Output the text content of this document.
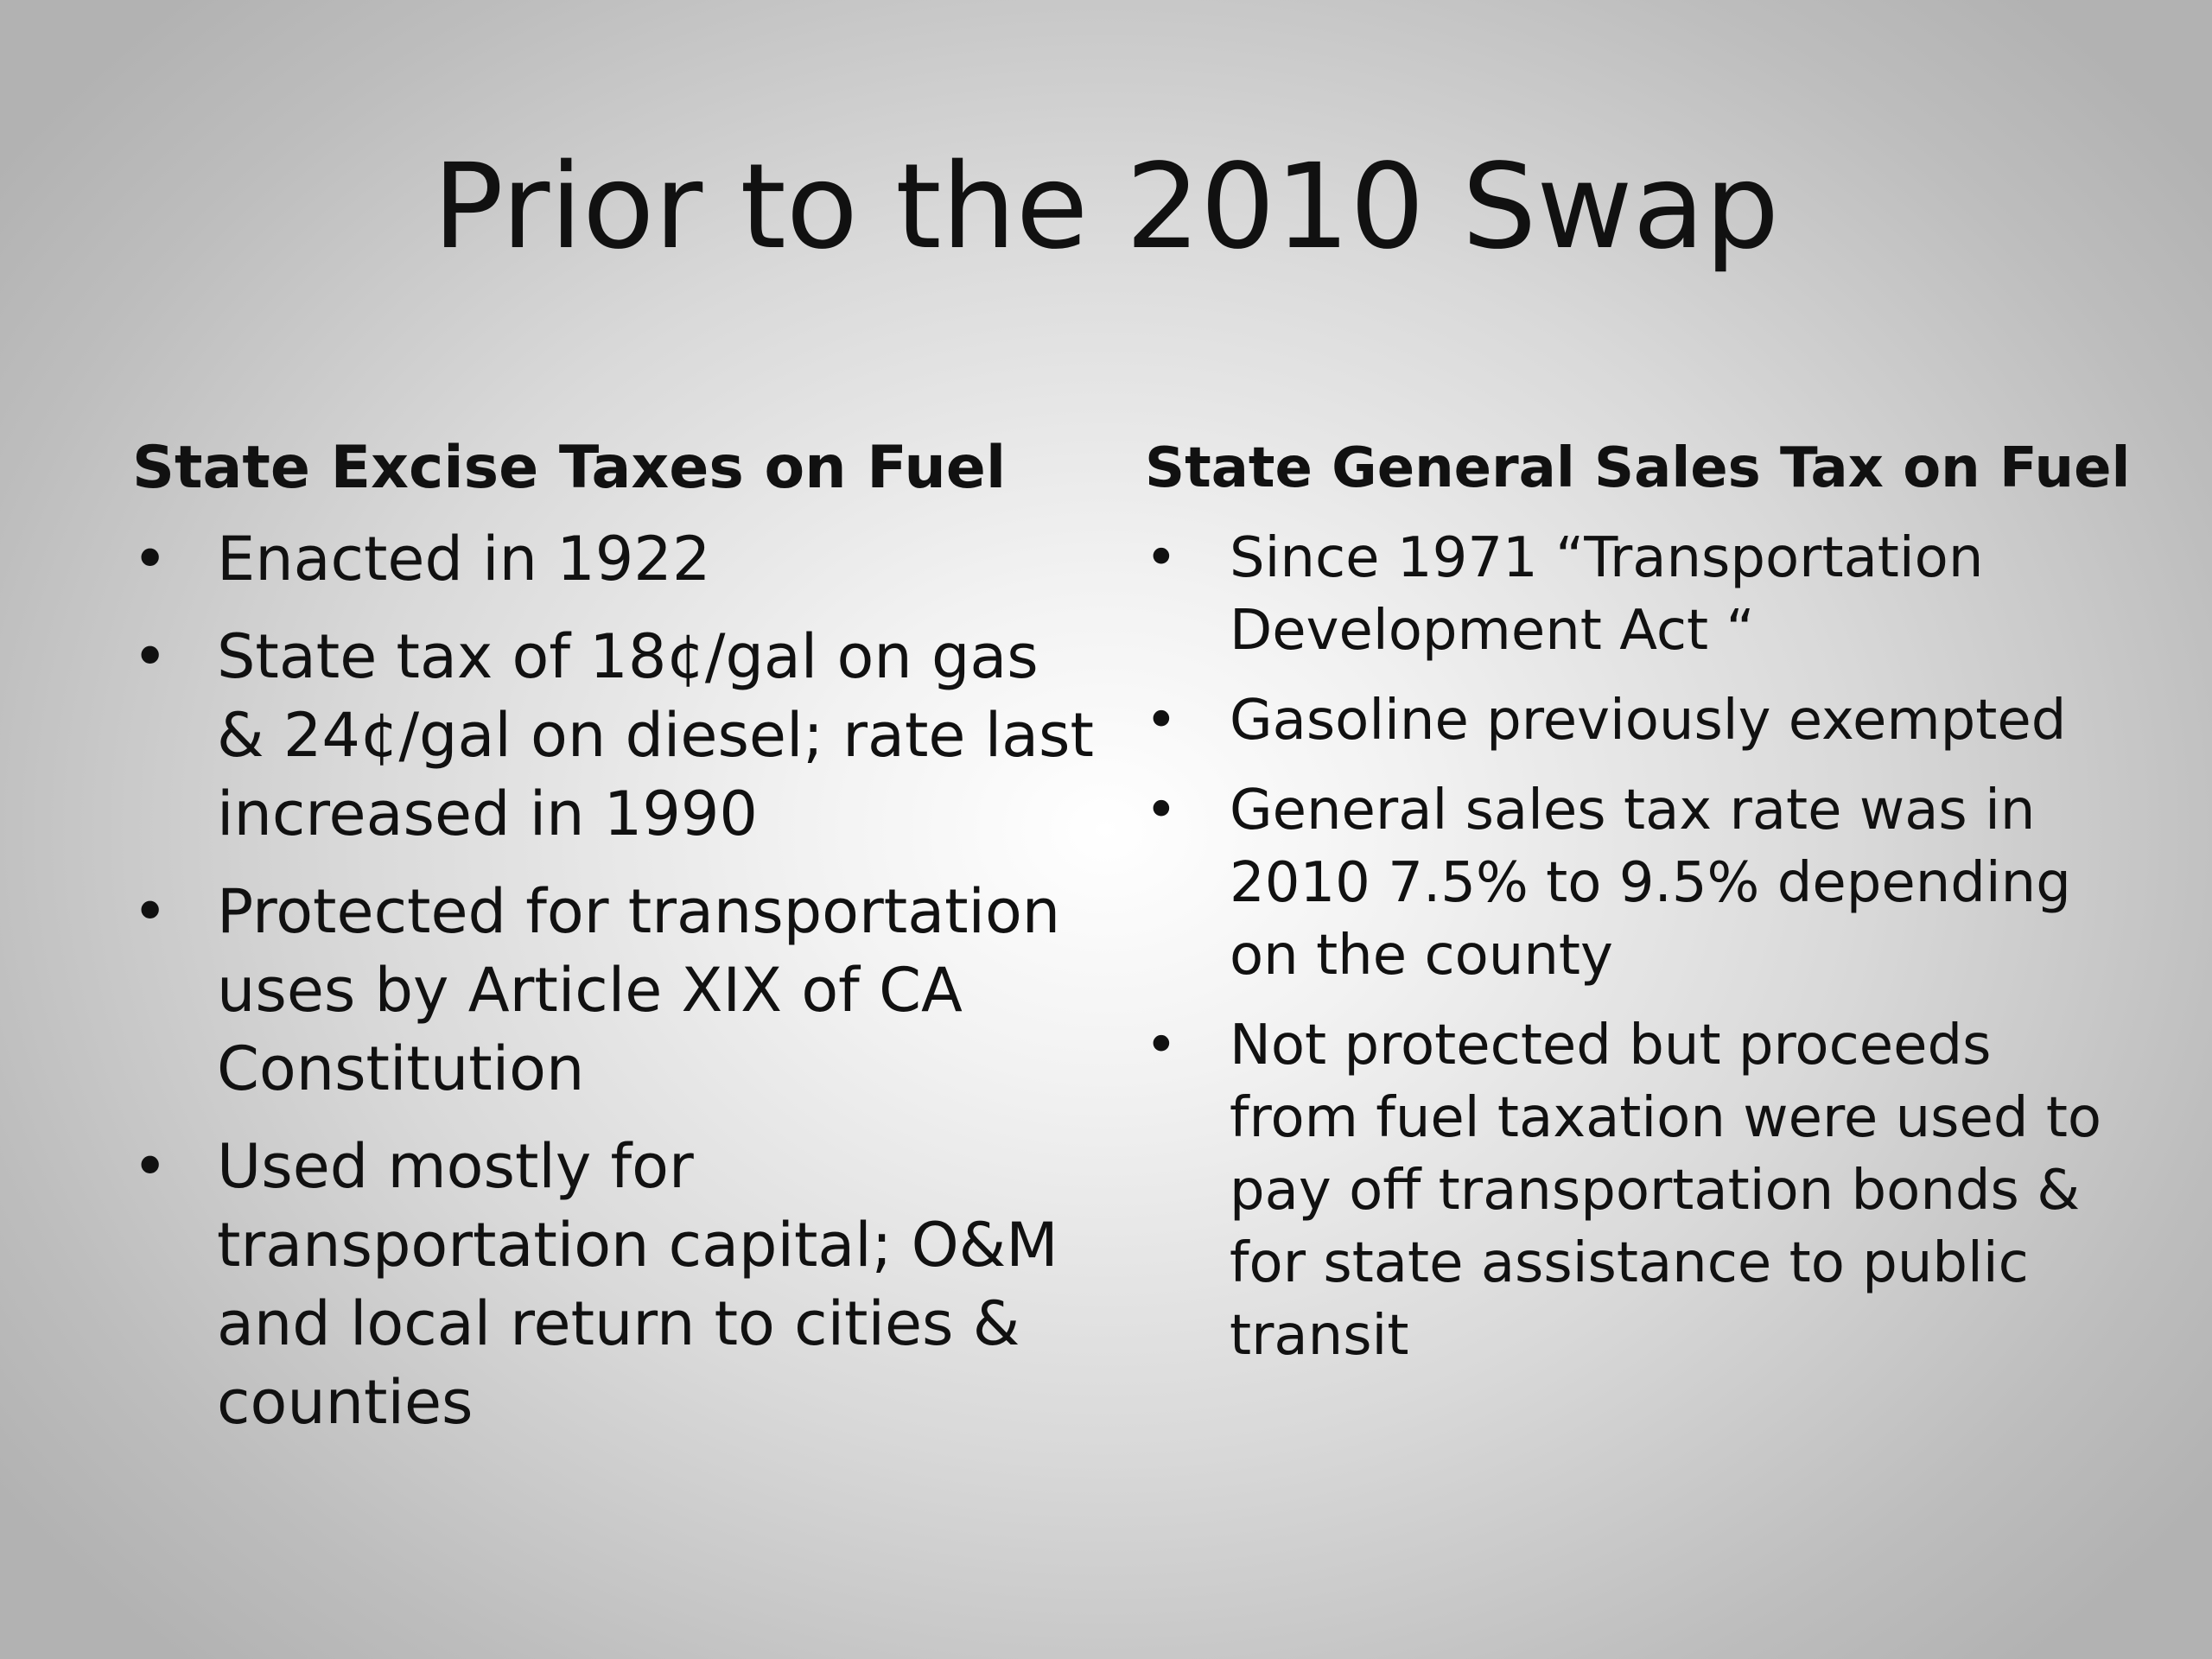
Prior to the 2010 Swap
State Excise Taxes on Fuel
• Enacted in 1922
• State tax of 18¢/gal on gas & 24¢/gal on diesel; rate last increased in 1990
• Protected for transportation uses by Article XIX of CA Constitution
• Used mostly for transportation capital; O&M and local return to cities & counties
State General Sales Tax on Fuel
• Since 1971 “Transportation Development Act “
• Gasoline previously exempted
• General sales tax rate was in 2010 7.5% to 9.5% depending on the county
• Not protected but proceeds from fuel taxation were used to pay off transportation bonds & for state assistance to public transit
